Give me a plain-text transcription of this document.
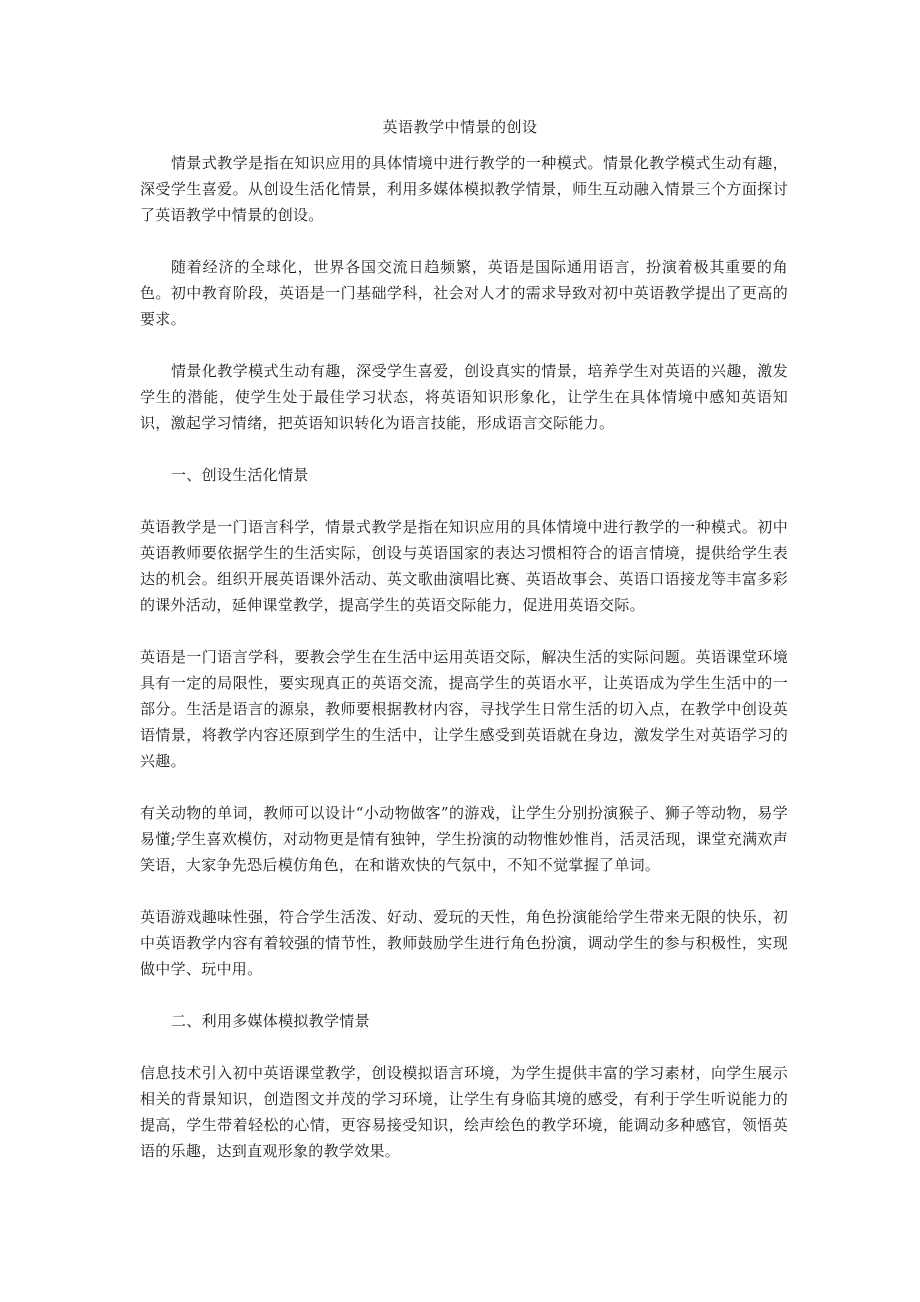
英语教学中情景的创设

情景式教学是指在知识应用的具体情境中进行教学的一种模式。情景化教学模式生动有趣，深受学生喜爱。从创设生活化情景，利用多媒体模拟教学情景，师生互动融入情景三个方面探讨了英语教学中情景的创设。

随着经济的全球化，世界各国交流日趋频繁，英语是国际通用语言，扮演着极其重要的角色。初中教育阶段，英语是一门基础学科，社会对人才的需求导致对初中英语教学提出了更高的要求。

情景化教学模式生动有趣，深受学生喜爱，创设真实的情景，培养学生对英语的兴趣，激发学生的潜能，使学生处于最佳学习状态，将英语知识形象化，让学生在具体情境中感知英语知识，激起学习情绪，把英语知识转化为语言技能，形成语言交际能力。

一、创设生活化情景

英语教学是一门语言科学，情景式教学是指在知识应用的具体情境中进行教学的一种模式。初中英语教师要依据学生的生活实际，创设与英语国家的表达习惯相符合的语言情境，提供给学生表达的机会。组织开展英语课外活动、英文歌曲演唱比赛、英语故事会、英语口语接龙等丰富多彩的课外活动，延伸课堂教学，提高学生的英语交际能力，促进用英语交际。

英语是一门语言学科，要教会学生在生活中运用英语交际，解决生活的实际问题。英语课堂环境具有一定的局限性，要实现真正的英语交流，提高学生的英语水平，让英语成为学生生活中的一部分。生活是语言的源泉，教师要根据教材内容，寻找学生日常生活的切入点，在教学中创设英语情景，将教学内容还原到学生的生活中，让学生感受到英语就在身边，激发学生对英语学习的兴趣。

有关动物的单词，教师可以设计“小动物做客”的游戏，让学生分别扮演猴子、狮子等动物，易学易懂;学生喜欢模仿，对动物更是情有独钟，学生扮演的动物惟妙惟肖，活灵活现，课堂充满欢声笑语，大家争先恐后模仿角色，在和谐欢快的气氛中，不知不觉掌握了单词。

英语游戏趣味性强，符合学生活泼、好动、爱玩的天性，角色扮演能给学生带来无限的快乐，初中英语教学内容有着较强的情节性，教师鼓励学生进行角色扮演，调动学生的参与积极性，实现做中学、玩中用。

二、利用多媒体模拟教学情景

信息技术引入初中英语课堂教学，创设模拟语言环境，为学生提供丰富的学习素材，向学生展示相关的背景知识，创造图文并茂的学习环境，让学生有身临其境的感受，有利于学生听说能力的提高，学生带着轻松的心情，更容易接受知识，绘声绘色的教学环境，能调动多种感官，领悟英语的乐趣，达到直观形象的教学效果。
